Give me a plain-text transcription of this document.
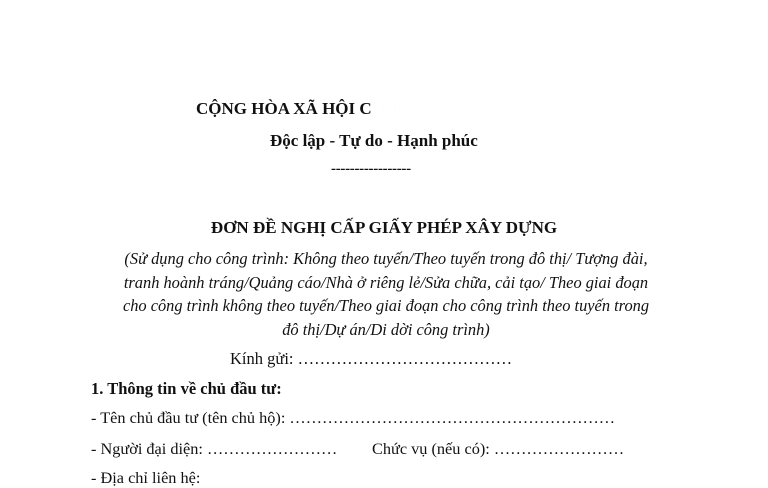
CỘNG HÒA XÃ HỘI C
Độc lập - Tự do - Hạnh phúc
-----------------
ĐƠN ĐỀ NGHỊ CẤP GIẤY PHÉP XÂY DỰNG
(Sử dụng cho công trình: Không theo tuyến/Theo tuyến trong đô thị/ Tượng đài,
tranh hoành tráng/Quảng cáo/Nhà ở riêng lẻ/Sửa chữa, cải tạo/ Theo giai đoạn
cho công trình không theo tuyến/Theo giai đoạn cho công trình theo tuyến trong
đô thị/Dự án/Di dời công trình)
Kính gửi: …………………………………
1. Thông tin về chủ đầu tư:
- Tên chủ đầu tư (tên chủ hộ): ……………………………………………………
- Người đại diện: …………………… Chức vụ (nếu có): ……………………
- Địa chỉ liên hệ:
